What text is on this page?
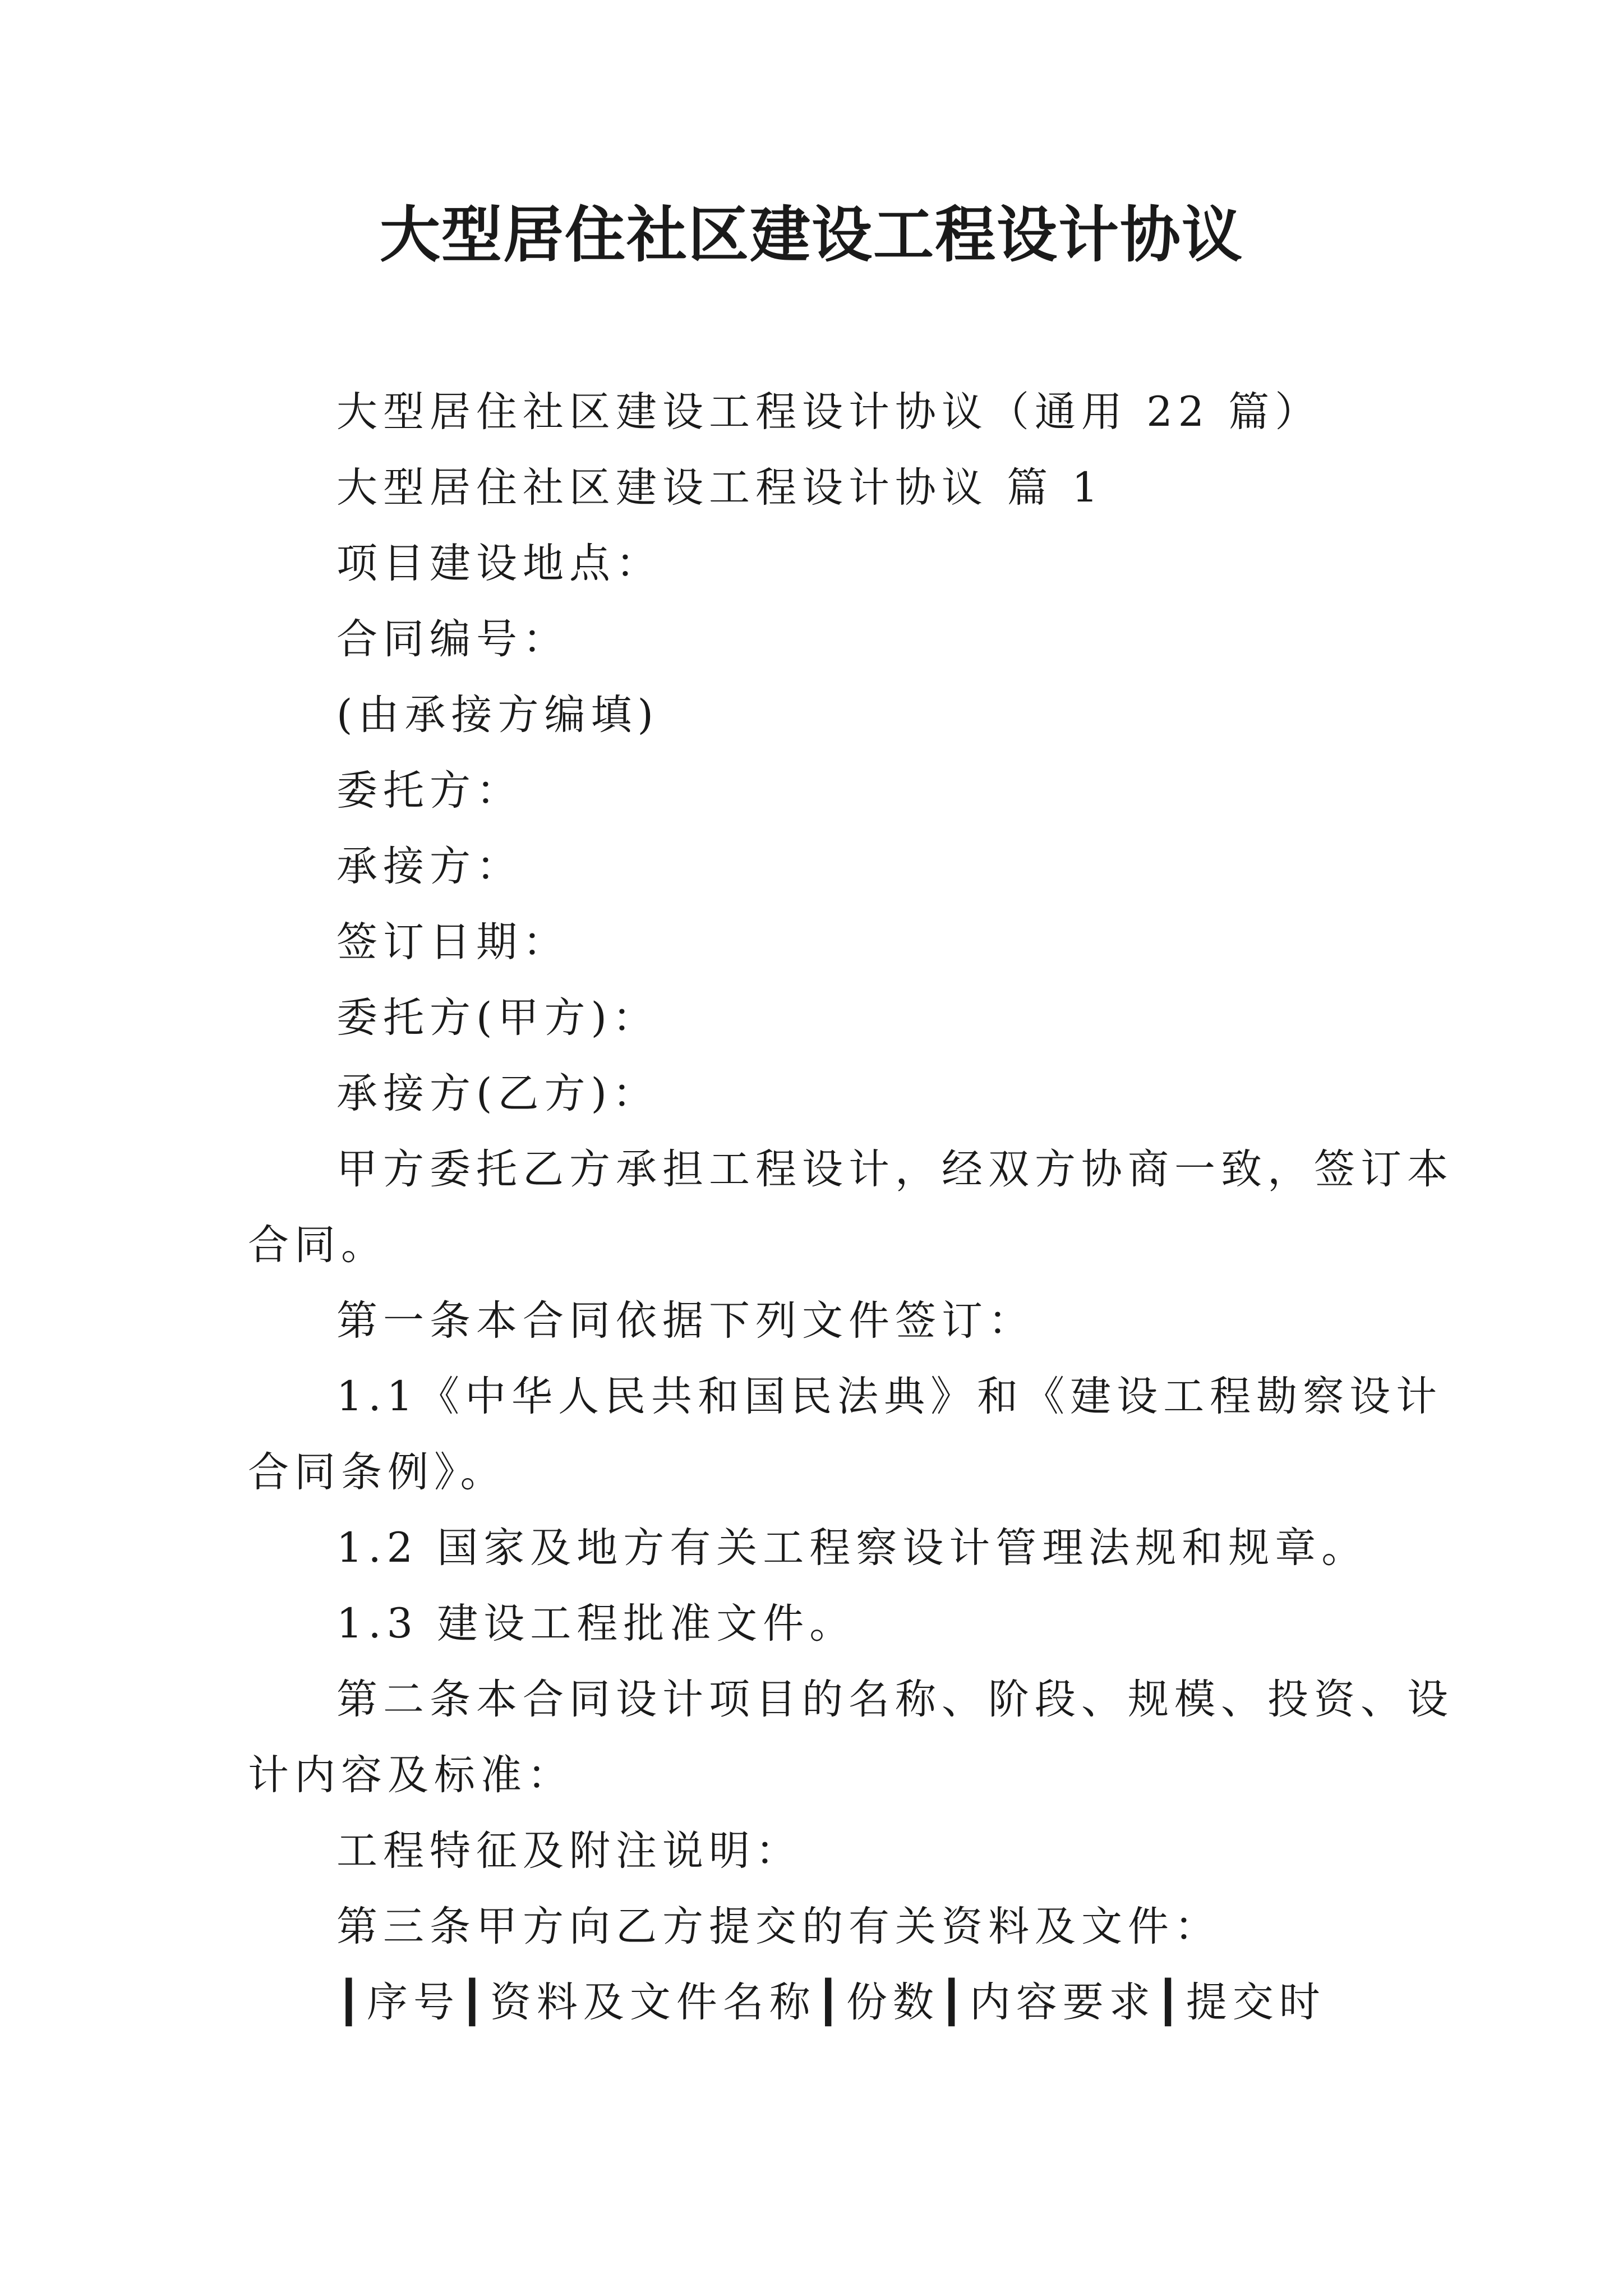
大型居住社区建设工程设计协议

大型居住社区建设工程设计协议（通用 22 篇）

大型居住社区建设工程设计协议 篇 1

项目建设地点：

合同编号：

(由承接方编填)

委托方：

承接方：

签订日期：

委托方(甲方)：

承接方(乙方)：

甲方委托乙方承担工程设计，经双方协商一致，签订本

合同。

第一条本合同依据下列文件签订：

1.1《中华人民共和国民法典》和《建设工程勘察设计

合同条例》。

1.2 国家及地方有关工程察设计管理法规和规章。

1.3 建设工程批准文件。

第二条本合同设计项目的名称、阶段、规模、投资、设

计内容及标准：

工程特征及附注说明：

第三条甲方向乙方提交的有关资料及文件：

┃序号┃资料及文件名称┃份数┃内容要求┃提交时
